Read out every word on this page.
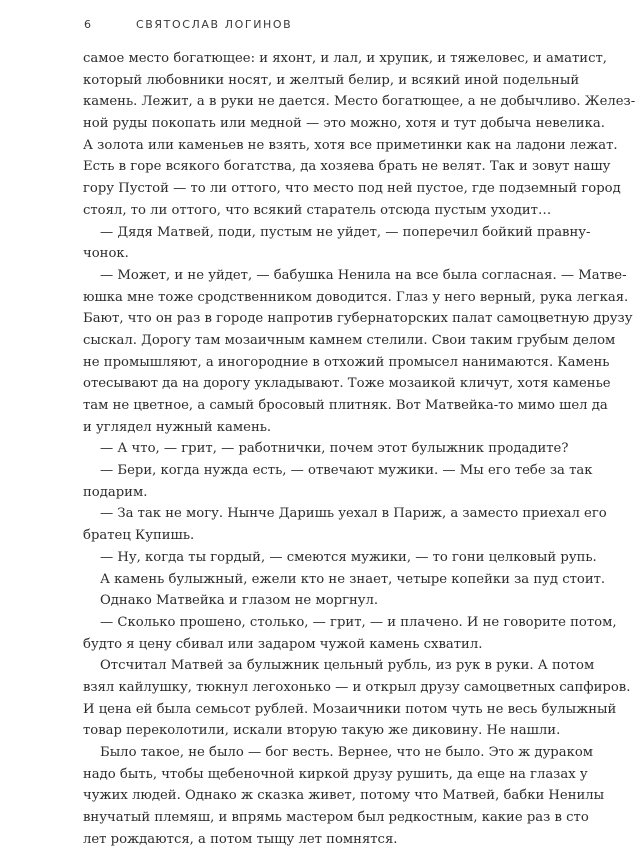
6	СВЯТОСЛАВ ЛОГИНОВ
самое место богатющее: и яхонт, и лал, и хрупик, и тяжеловес, и аматист,
который любовники носят, и желтый белир, и всякий иной подельный
камень. Лежит, а в руки не дается. Место богатющее, а не добычливо. Желез-
ной руды покопать или медной — это можно, хотя и тут добыча невелика.
А золота или каменьев не взять, хотя все приметинки как на ладони лежат.
Есть в горе всякого богатства, да хозяева брать не велят. Так и зовут нашу
гору Пустой — то ли оттого, что место под ней пустое, где подземный город
стоял, то ли оттого, что всякий старатель отсюда пустым уходит…
— Дядя Матвей, поди, пустым не уйдет, — поперечил бойкий правну-
чонок.
— Может, и не уйдет, — бабушка Ненила на все была согласная. — Матве-
юшка мне тоже сродственником доводится. Глаз у него верный, рука легкая.
Бают, что он раз в городе напротив губернаторских палат самоцветную друзу
сыскал. Дорогу там мозаичным камнем стелили. Свои таким грубым делом
не промышляют, а иногородние в отхожий промысел нанимаются. Камень
отесывают да на дорогу укладывают. Тоже мозаикой кличут, хотя каменье
там не цветное, а самый бросовый плитняк. Вот Матвейка-то мимо шел да
и углядел нужный камень.
— А что, — грит, — работнички, почем этот булыжник продадите?
— Бери, когда нужда есть, — отвечают мужики. — Мы его тебе за так
подарим.
— За так не могу. Нынче Даришь уехал в Париж, а заместо приехал его
братец Купишь.
— Ну, когда ты гордый, — смеются мужики, — то гони целковый рупь.
А камень булыжный, ежели кто не знает, четыре копейки за пуд стоит.
Однако Матвейка и глазом не моргнул.
— Сколько прошено, столько, — грит, — и плачено. И не говорите потом,
будто я цену сбивал или задаром чужой камень схватил.
Отсчитал Матвей за булыжник цельный рубль, из рук в руки. А потом
взял кайлушку, тюкнул легохонько — и открыл друзу самоцветных сапфиров.
И цена ей была семьсот рублей. Мозаичники потом чуть не весь булыжный
товар переколотили, искали вторую такую же диковину. Не нашли.
Было такое, не было — бог весть. Вернее, что не было. Это ж дураком
надо быть, чтобы щебеночной киркой друзу рушить, да еще на глазах у
чужих людей. Однако ж сказка живет, потому что Матвей, бабки Ненилы
внучатый племяш, и впрямь мастером был редкостным, какие раз в сто
лет рождаются, а потом тыщу лет помнятся.
